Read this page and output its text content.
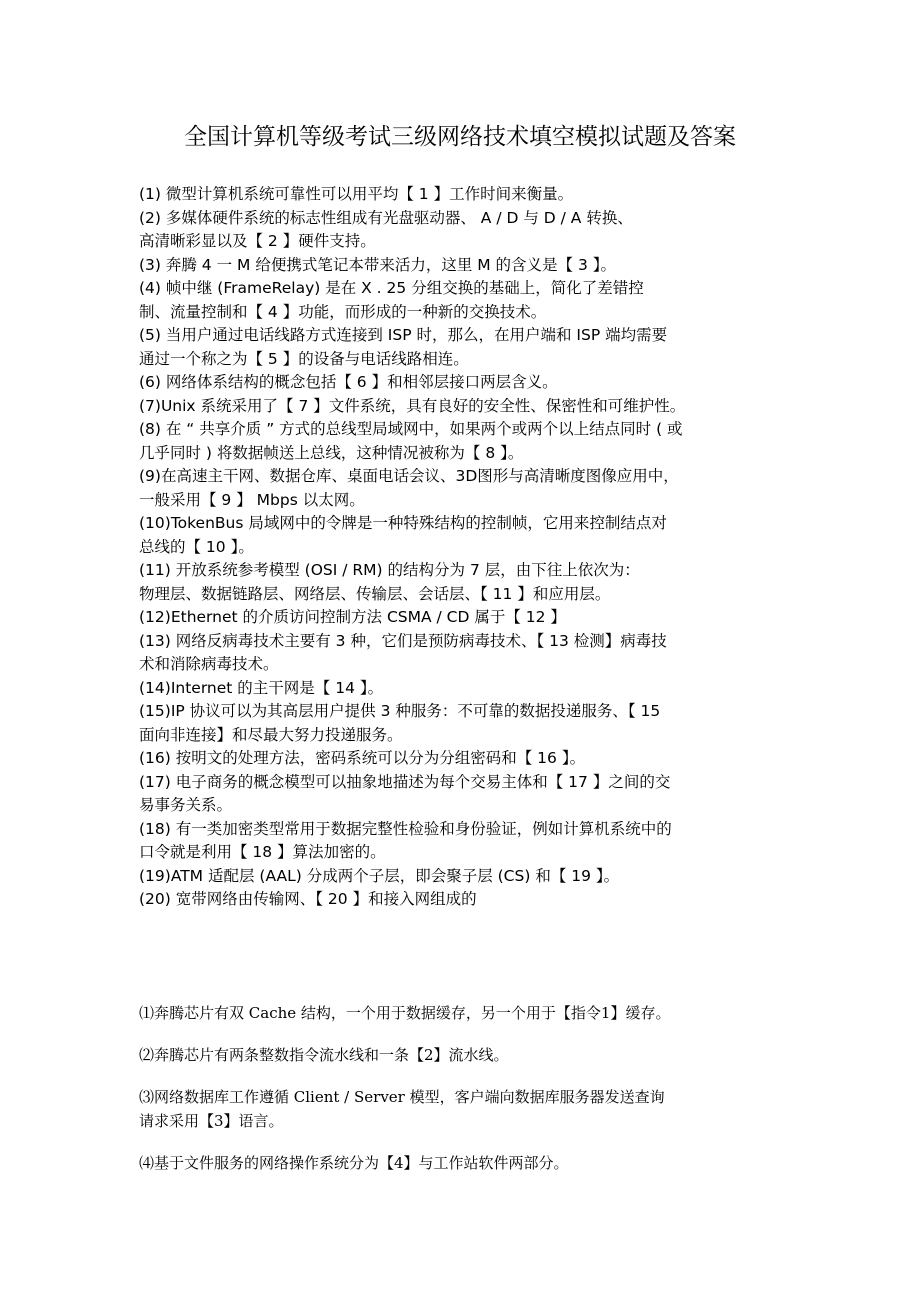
全国计算机等级考试三级网络技术填空模拟试题及答案

(1) 微型计算机系统可靠性可以用平均【 1 】工作时间来衡量。

(2) 多媒体硬件系统的标志性组成有光盘驱动器、 A / D 与 D / A 转换、

高清晰彩显以及【 2 】硬件支持。

(3) 奔腾 4 一 M 给便携式笔记本带来活力，这里 M 的含义是【 3 】。

(4) 帧中继 (FrameRelay) 是在 X . 25 分组交换的基础上，简化了差错控

制、流量控制和【 4 】功能，而形成的一种新的交换技术。

(5) 当用户通过电话线路方式连接到 ISP 时，那么，在用户端和 ISP 端均需要

通过一个称之为【 5 】的设备与电话线路相连。

(6) 网络体系结构的概念包括【 6 】和相邻层接口两层含义。

(7)Unix 系统采用了【 7 】文件系统，具有良好的安全性、保密性和可维护性。

(8) 在 “ 共享介质 ” 方式的总线型局域网中，如果两个或两个以上结点同时 ( 或

几乎同时 ) 将数据帧送上总线，这种情况被称为【 8 】。

(9)在高速主干网、数据仓库、桌面电话会议、3D图形与高清晰度图像应用中，

一般采用【 9 】 Mbps 以太网。

(10)TokenBus 局域网中的令牌是一种特殊结构的控制帧，它用来控制结点对

总线的【 10 】。

(11) 开放系统参考模型 (OSI / RM) 的结构分为 7 层，由下往上依次为：

物理层、数据链路层、网络层、传输层、会话层、【 11 】和应用层。

(12)Ethernet 的介质访问控制方法 CSMA / CD 属于【 12 】

(13) 网络反病毒技术主要有 3 种，它们是预防病毒技术、【 13 检测】病毒技

术和消除病毒技术。

(14)Internet 的主干网是【 14 】。

(15)IP 协议可以为其高层用户提供 3 种服务：不可靠的数据投递服务、【 15

面向非连接】和尽最大努力投递服务。

(16) 按明文的处理方法，密码系统可以分为分组密码和【 16 】。

(17) 电子商务的概念模型可以抽象地描述为每个交易主体和【 17 】之间的交

易事务关系。

(18) 有一类加密类型常用于数据完整性检验和身份验证，例如计算机系统中的

口令就是利用【 18 】算法加密的。

(19)ATM 适配层 (AAL) 分成两个子层，即会聚子层 (CS) 和【 19 】。

(20) 宽带网络由传输网、【 20 】和接入网组成的

⑴奔腾芯片有双 Cache 结构，一个用于数据缓存，另一个用于【指令1】缓存。

⑵奔腾芯片有两条整数指令流水线和一条【2】流水线。

⑶网络数据库工作遵循 Client / Server 模型，客户端向数据库服务器发送查询
请求采用【3】语言。

⑷基于文件服务的网络操作系统分为【4】与工作站软件两部分。
